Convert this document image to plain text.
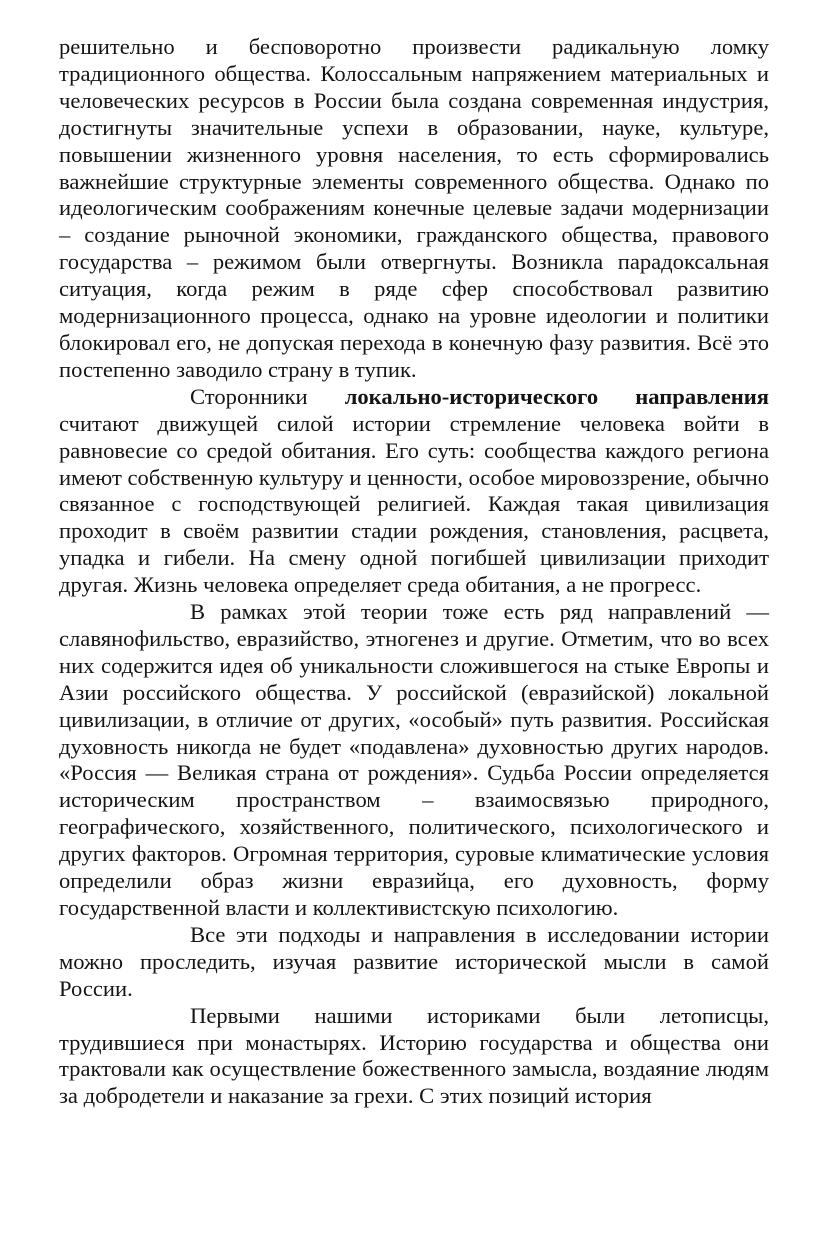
решительно и бесповоротно произвести радикальную ломку традиционного общества. Колоссальным напряжением материальных и человеческих ресурсов в России была создана современная индустрия, достигнуты значительные успехи в образовании, науке, культуре, повышении жизненного уровня населения, то есть сформировались важнейшие структурные элементы современного общества. Однако по идеологическим соображениям конечные целевые задачи модернизации – создание рыночной экономики, гражданского общества, правового государства – режимом были отвергнуты. Возникла парадоксальная ситуация, когда режим в ряде сфер способствовал развитию модернизационного процесса, однако на уровне идеологии и политики блокировал его, не допуская перехода в конечную фазу развития. Всё это постепенно заводило страну в тупик.

Сторонники локально-исторического направления считают движущей силой истории стремление человека войти в равновесие со средой обитания. Его суть: сообщества каждого региона имеют собственную культуру и ценности, особое мировоззрение, обычно связанное с господствующей религией. Каждая такая цивилизация проходит в своём развитии стадии рождения, становления, расцвета, упадка и гибели. На смену одной погибшей цивилизации приходит другая. Жизнь человека определяет среда обитания, а не прогресс.

В рамках этой теории тоже есть ряд направлений — славянофильство, евразийство, этногенез и другие. Отметим, что во всех них содержится идея об уникальности сложившегося на стыке Европы и Азии российского общества. У российской (евразийской) локальной цивилизации, в отличие от других, «особый» путь развития. Российская духовность никогда не будет «подавлена» духовностью других народов. «Россия — Великая страна от рождения». Судьба России определяется историческим пространством – взаимосвязью природного, географического, хозяйственного, политического, психологического и других факторов. Огромная территория, суровые климатические условия определили образ жизни евразийца, его духовность, форму государственной власти и коллективистскую психологию.

Все эти подходы и направления в исследовании истории можно проследить, изучая развитие исторической мысли в самой России.

Первыми нашими историками были летописцы, трудившиеся при монастырях. Историю государства и общества они трактовали как осуществление божественного замысла, воздаяние людям за добродетели и наказание за грехи. С этих позиций история
